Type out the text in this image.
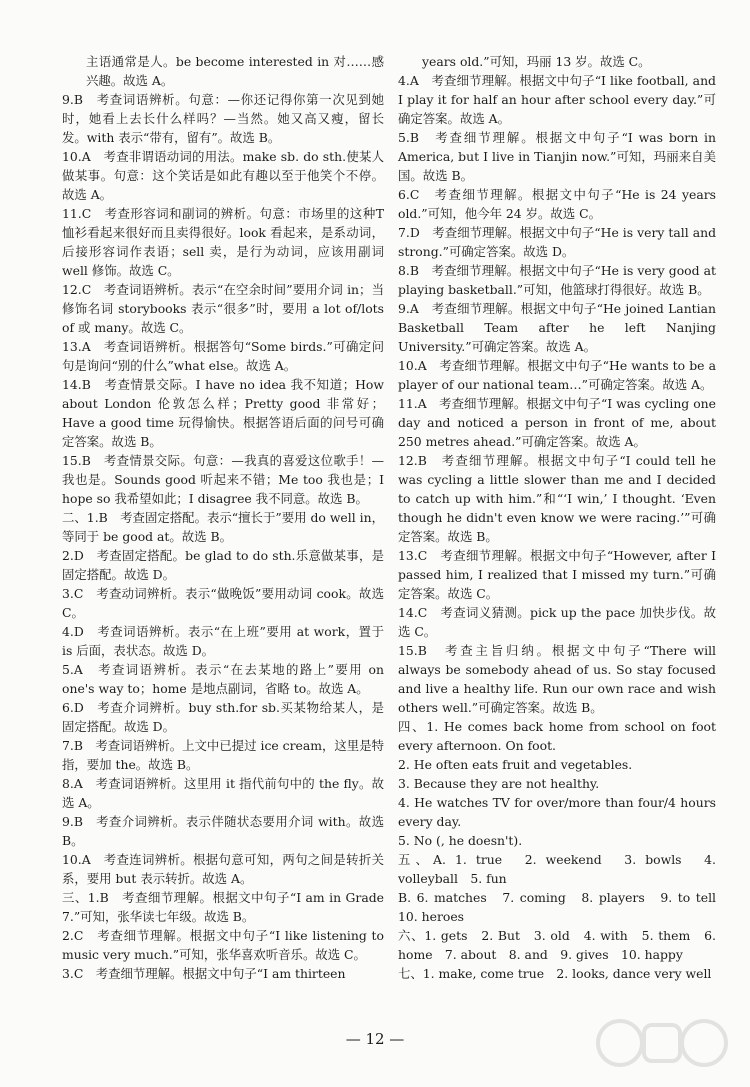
主语通常是人。be become interested in 对……感兴趣。故选 A。

9.B　考查词语辨析。句意：—你还记得你第一次见到她时，她看上去长什么样吗？—当然。她又高又瘦，留长发。with 表示“带有，留有”。故选 B。

10.A　考查非谓语动词的用法。make sb. do sth.使某人做某事。句意：这个笑话是如此有趣以至于他笑个不停。故选 A。

11.C　考查形容词和副词的辨析。句意：市场里的这种T恤衫看起来很好而且卖得很好。look 看起来，是系动词，后接形容词作表语；sell 卖，是行为动词，应该用副词 well 修饰。故选 C。

12.C　考查词语辨析。表示“在空余时间”要用介词 in；当修饰名词 storybooks 表示“很多”时，要用 a lot of/lots of 或 many。故选 C。

13.A　考查词语辨析。根据答句“Some birds.”可确定问句是询问“别的什么”what else。故选 A。

14.B　考查情景交际。I have no idea 我不知道；How about London 伦敦怎么样；Pretty good 非常好；Have a good time 玩得愉快。根据答语后面的问号可确定答案。故选 B。

15.B　考查情景交际。句意：—我真的喜爱这位歌手！—我也是。Sounds good 听起来不错；Me too 我也是；I hope so 我希望如此；I disagree 我不同意。故选 B。

二、1.B　考查固定搭配。表示“擅长于”要用 do well in，等同于 be good at。故选 B。

2.D　考查固定搭配。be glad to do sth.乐意做某事，是固定搭配。故选 D。

3.C　考查动词辨析。表示“做晚饭”要用动词 cook。故选 C。

4.D　考查词语辨析。表示“在上班”要用 at work，置于 is 后面，表状态。故选 D。

5.A　考查词语辨析。表示“在去某地的路上”要用 on one's way to；home 是地点副词，省略 to。故选 A。

6.D　考查介词辨析。buy sth.for sb.买某物给某人，是固定搭配。故选 D。

7.B　考查词语辨析。上文中已提过 ice cream，这里是特指，要加 the。故选 B。

8.A　考查词语辨析。这里用 it 指代前句中的 the fly。故选 A。

9.B　考查介词辨析。表示伴随状态要用介词 with。故选 B。

10.A　考查连词辨析。根据句意可知，两句之间是转折关系，要用 but 表示转折。故选 A。

三、1.B　考查细节理解。根据文中句子“I am in Grade 7.”可知，张华读七年级。故选 B。

2.C　考查细节理解。根据文中句子“I like listening to music very much.”可知，张华喜欢听音乐。故选 C。

3.C　考查细节理解。根据文中句子“I am thirteen

years old.”可知，玛丽 13 岁。故选 C。

4.A　考查细节理解。根据文中句子“I like football, and I play it for half an hour after school every day.”可确定答案。故选 A。

5.B　考查细节理解。根据文中句子“I was born in America, but I live in Tianjin now.”可知，玛丽来自美国。故选 B。

6.C　考查细节理解。根据文中句子“He is 24 years old.”可知，他今年 24 岁。故选 C。

7.D　考查细节理解。根据文中句子“He is very tall and strong.”可确定答案。故选 D。

8.B　考查细节理解。根据文中句子“He is very good at playing basketball.”可知，他篮球打得很好。故选 B。

9.A　考查细节理解。根据文中句子“He joined Lantian Basketball Team after he left Nanjing University.”可确定答案。故选 A。

10.A　考查细节理解。根据文中句子“He wants to be a player of our national team…”可确定答案。故选 A。

11.A　考查细节理解。根据文中句子“I was cycling one day and noticed a person in front of me, about 250 metres ahead.”可确定答案。故选 A。

12.B　考查细节理解。根据文中句子“I could tell he was cycling a little slower than me and I decided to catch up with him.”和“‘I win,’ I thought. ‘Even though he didn't even know we were racing.’”可确定答案。故选 B。

13.C　考查细节理解。根据文中句子“However, after I passed him, I realized that I missed my turn.”可确定答案。故选 C。

14.C　考查词义猜测。pick up the pace 加快步伐。故选 C。

15.B　考查主旨归纳。根据文中句子“There will always be somebody ahead of us. So stay focused and live a healthy life. Run our own race and wish others well.”可确定答案。故选 B。

四、1. He comes back home from school on foot every afternoon. On foot.

2. He often eats fruit and vegetables.

3. Because they are not healthy.

4. He watches TV for over/more than four/4 hours every day.

5. No (, he doesn't).

五、A. 1. true　2. weekend　3. bowls　4. volleyball　5. fun

B. 6. matches　7. coming　8. players　9. to tell　10. heroes

六、1. gets　2. But　3. old　4. with　5. them　6. home　7. about　8. and　9. gives　10. happy

七、1. make, come true　2. looks, dance very well

— 12 —
